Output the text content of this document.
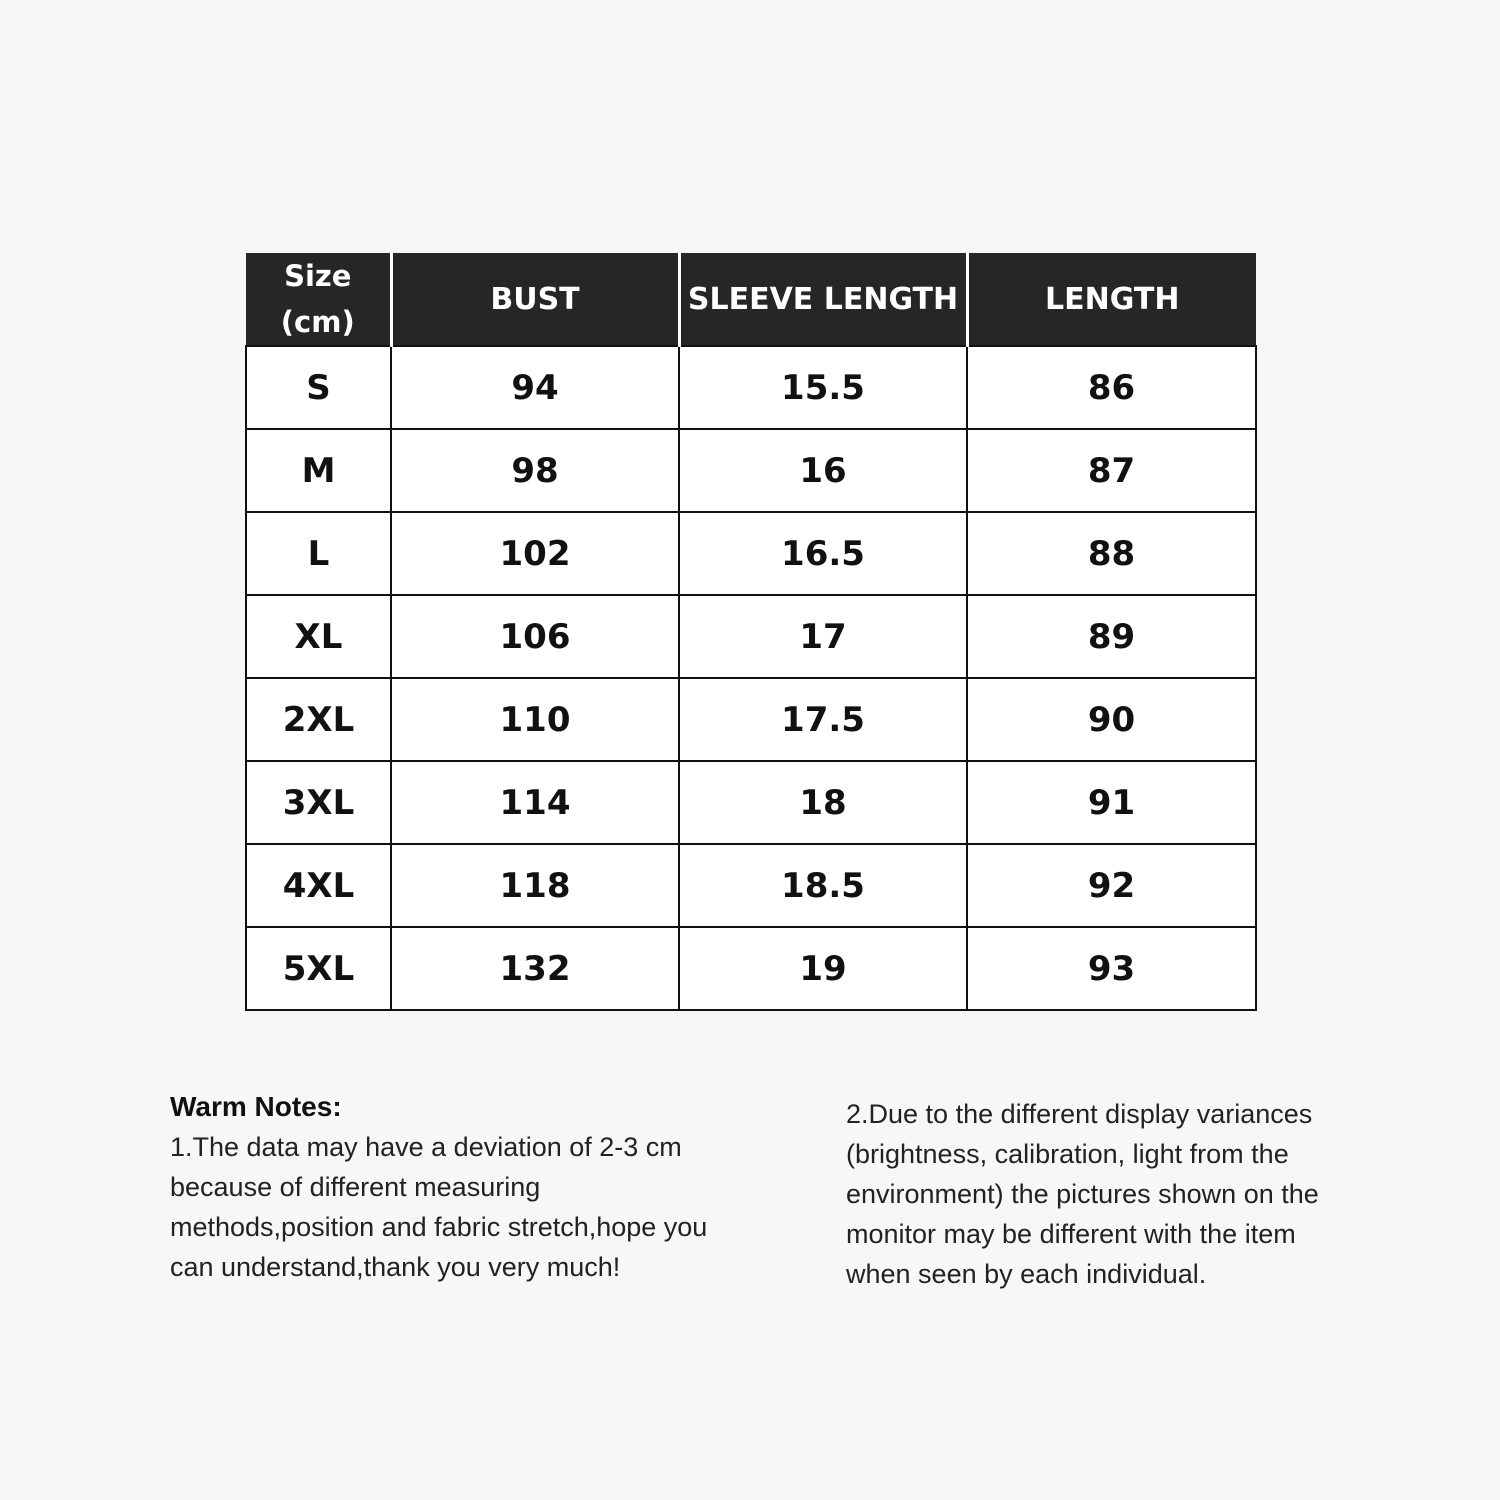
Size
(cm)	BUST	SLEEVE LENGTH	LENGTH
S	94	15.5	86
M	98	16	87
L	102	16.5	88
XL	106	17	89
2XL	110	17.5	90
3XL	114	18	91
4XL	118	18.5	92
5XL	132	19	93

Warm Notes:

1.The data may have a deviation of 2-3 cm because of different measuring methods,position and fabric stretch,hope you can understand,thank you very much!

2.Due to the different display variances (brightness, calibration, light from the environment) the pictures shown on the monitor may be different with the item when seen by each individual.
